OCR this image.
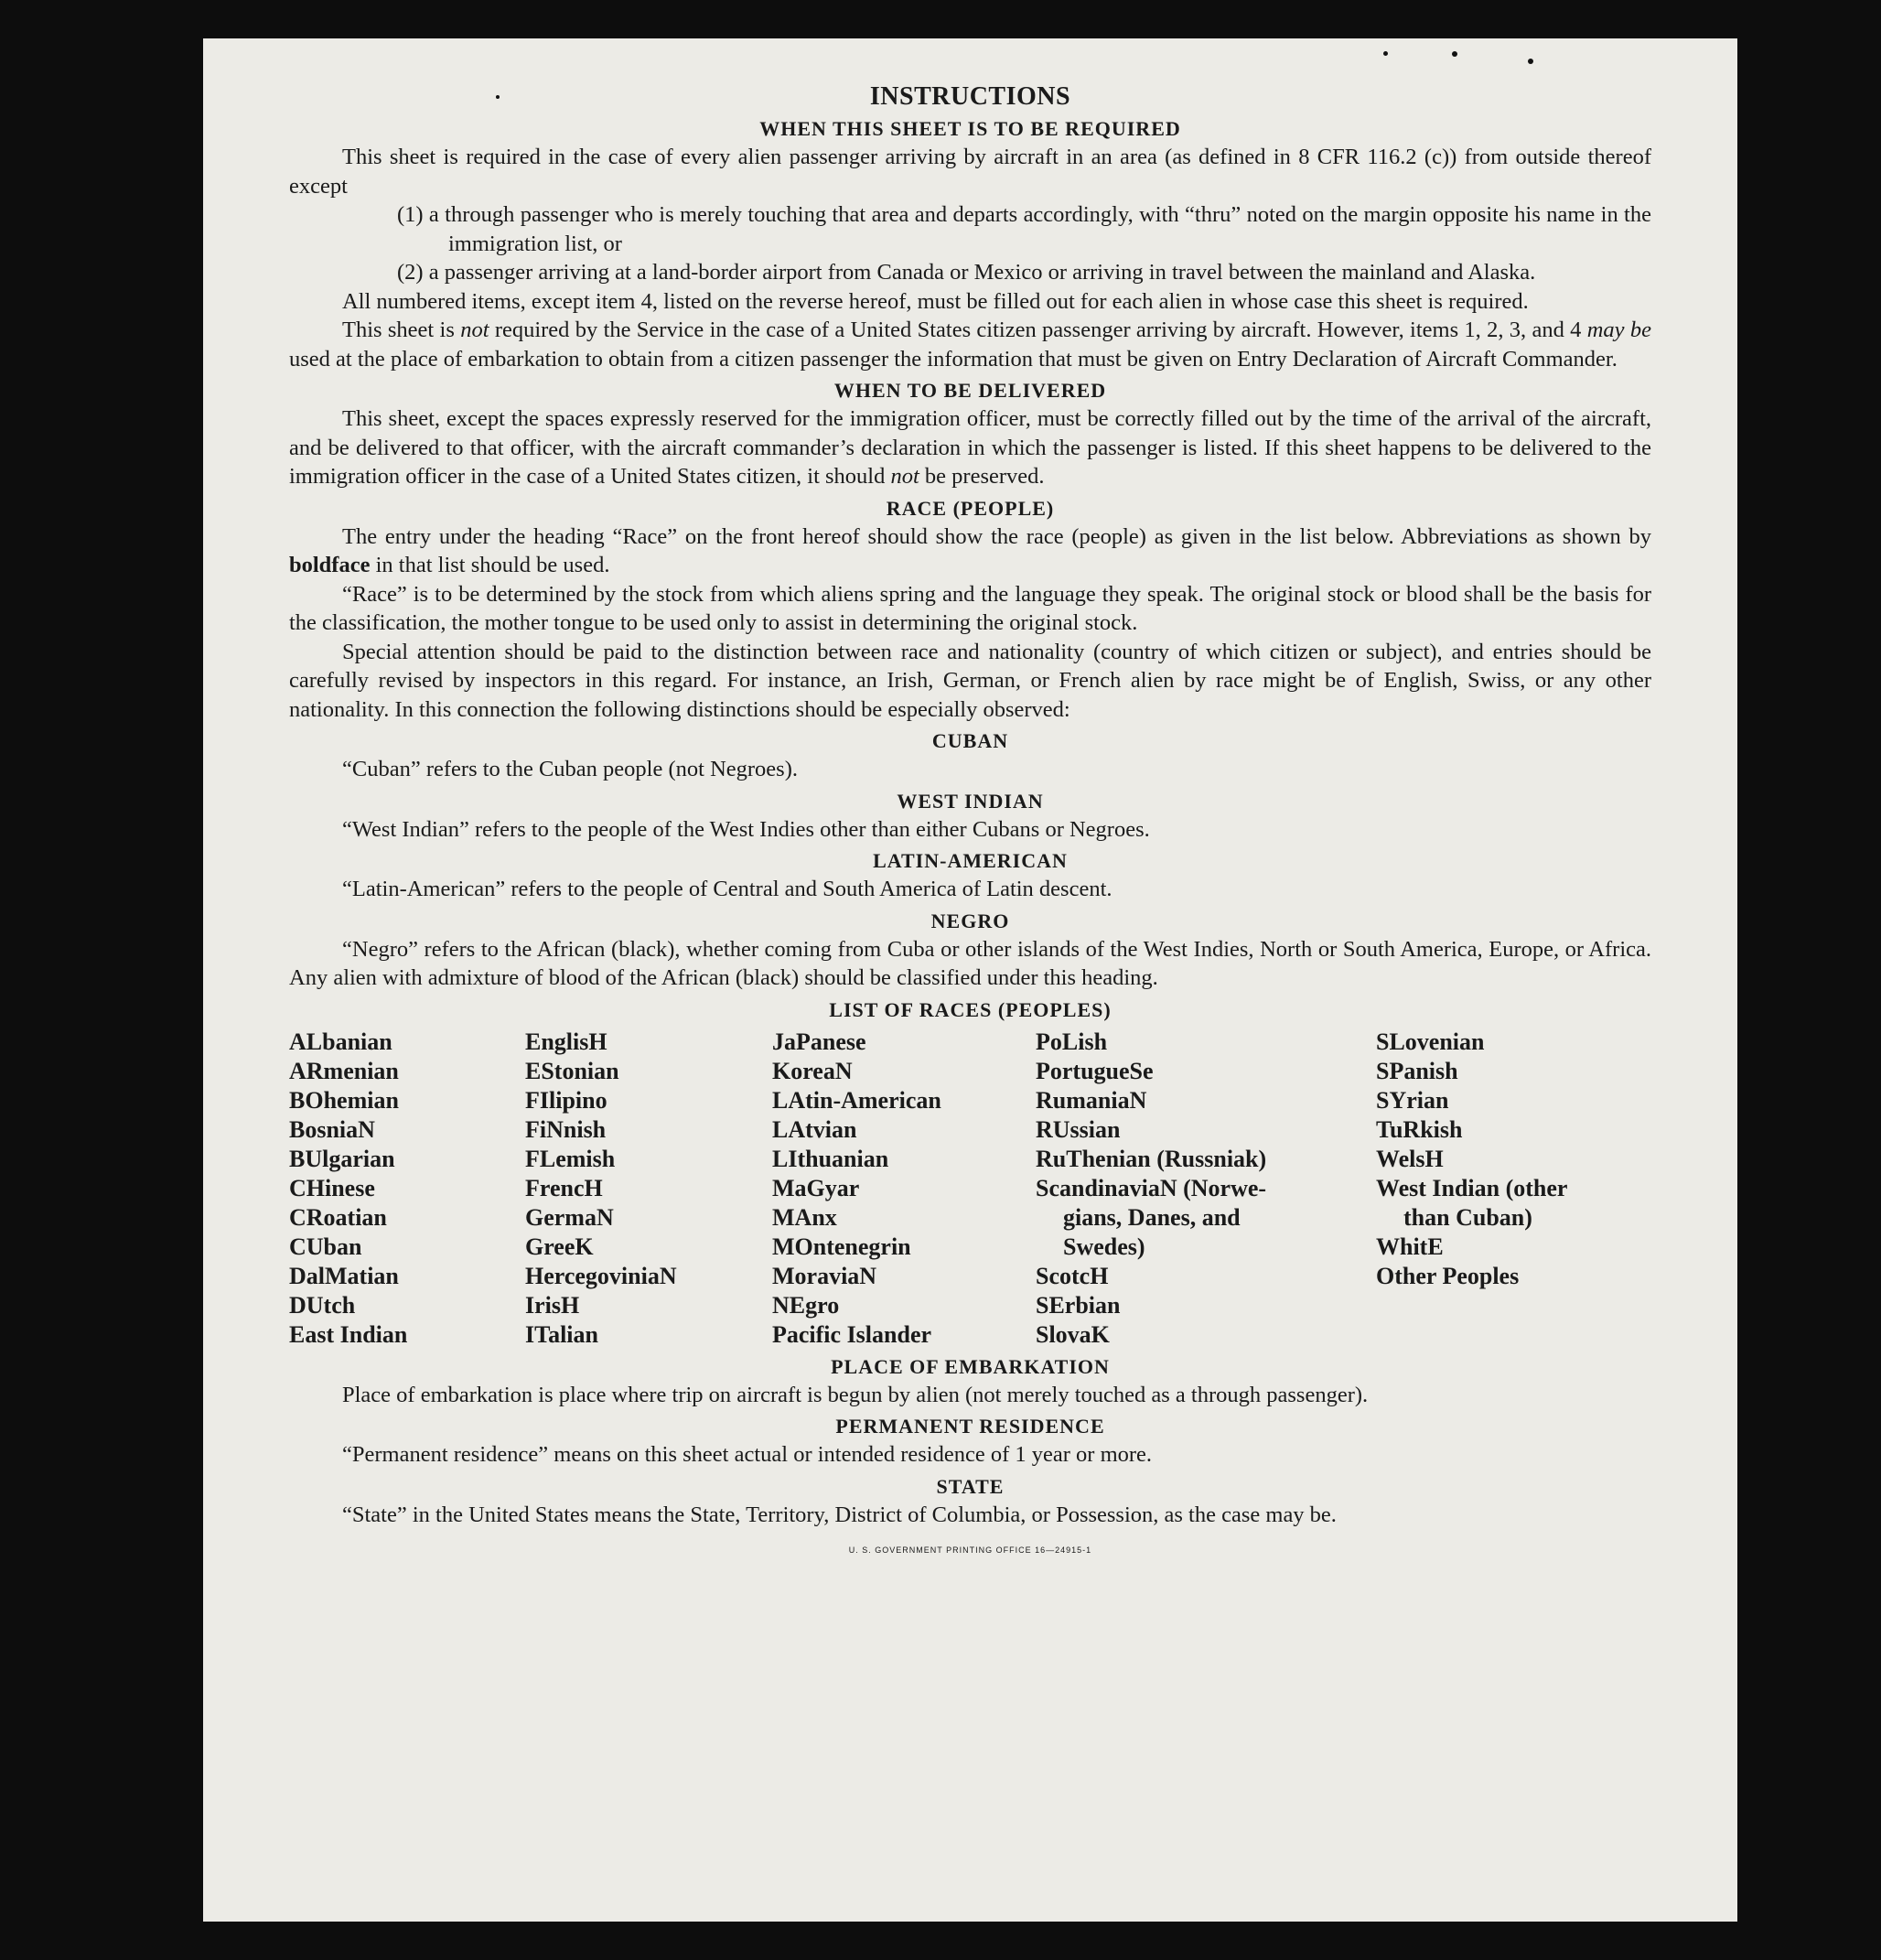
INSTRUCTIONS
WHEN THIS SHEET IS TO BE REQUIRED

This sheet is required in the case of every alien passenger arriving by aircraft in an area (as defined in 8 CFR 116.2 (c)) from outside thereof except

(1) a through passenger who is merely touching that area and departs accordingly, with “thru” noted on the margin opposite his name in the immigration list, or

(2) a passenger arriving at a land-border airport from Canada or Mexico or arriving in travel between the mainland and Alaska.

All numbered items, except item 4, listed on the reverse hereof, must be filled out for each alien in whose case this sheet is required.

This sheet is not required by the Service in the case of a United States citizen passenger arriving by aircraft. However, items 1, 2, 3, and 4 may be used at the place of embarkation to obtain from a citizen passenger the information that must be given on Entry Declaration of Aircraft Commander.

WHEN TO BE DELIVERED

This sheet, except the spaces expressly reserved for the immigration officer, must be correctly filled out by the time of the arrival of the aircraft, and be delivered to that officer, with the aircraft commander’s declaration in which the passenger is listed. If this sheet happens to be delivered to the immigration officer in the case of a United States citizen, it should not be preserved.

RACE (PEOPLE)

The entry under the heading “Race” on the front hereof should show the race (people) as given in the list below. Abbreviations as shown by boldface in that list should be used.

“Race” is to be determined by the stock from which aliens spring and the language they speak. The original stock or blood shall be the basis for the classification, the mother tongue to be used only to assist in determining the original stock.

Special attention should be paid to the distinction between race and nationality (country of which citizen or subject), and entries should be carefully revised by inspectors in this regard. For instance, an Irish, German, or French alien by race might be of English, Swiss, or any other nationality. In this connection the following distinctions should be especially observed:

CUBAN

“Cuban” refers to the Cuban people (not Negroes).

WEST INDIAN

“West Indian” refers to the people of the West Indies other than either Cubans or Negroes.

LATIN-AMERICAN

“Latin-American” refers to the people of Central and South America of Latin descent.

NEGRO

“Negro” refers to the African (black), whether coming from Cuba or other islands of the West Indies, North or South America, Europe, or Africa. Any alien with admixture of blood of the African (black) should be classified under this heading.

LIST OF RACES (PEOPLES)
ALbanian
ARmenian
BOhemian
BosniaN
BUlgarian
CHinese
CRoatian
CUban
DalMatian
DUtch
East Indian
EnglisH
EStonian
FIlipino
FiNnish
FLemish
FrencH
GermaN
GreeK
HercegoviniaN
IrisH
ITalian
JaPanese
KoreaN
LAtin-American
LAtvian
LIthuanian
MaGyar
MAnx
MOntenegrin
MoraviaN
NEgro
Pacific Islander
PoLish
PortugueSe
RumaniaN
RUssian
RuThenian (Russniak)
ScandinaviaN (Norwe-
gians, Danes, and
Swedes)
ScotcH
SErbian
SlovaK
SLovenian
SPanish
SYrian
TuRkish
WelsH
West Indian (other
than Cuban)
WhitE
Other Peoples
PLACE OF EMBARKATION

Place of embarkation is place where trip on aircraft is begun by alien (not merely touched as a through passenger).

PERMANENT RESIDENCE

“Permanent residence” means on this sheet actual or intended residence of 1 year or more.

STATE

“State” in the United States means the State, Territory, District of Columbia, or Possession, as the case may be.

U. S. GOVERNMENT PRINTING OFFICE 16—24915-1
